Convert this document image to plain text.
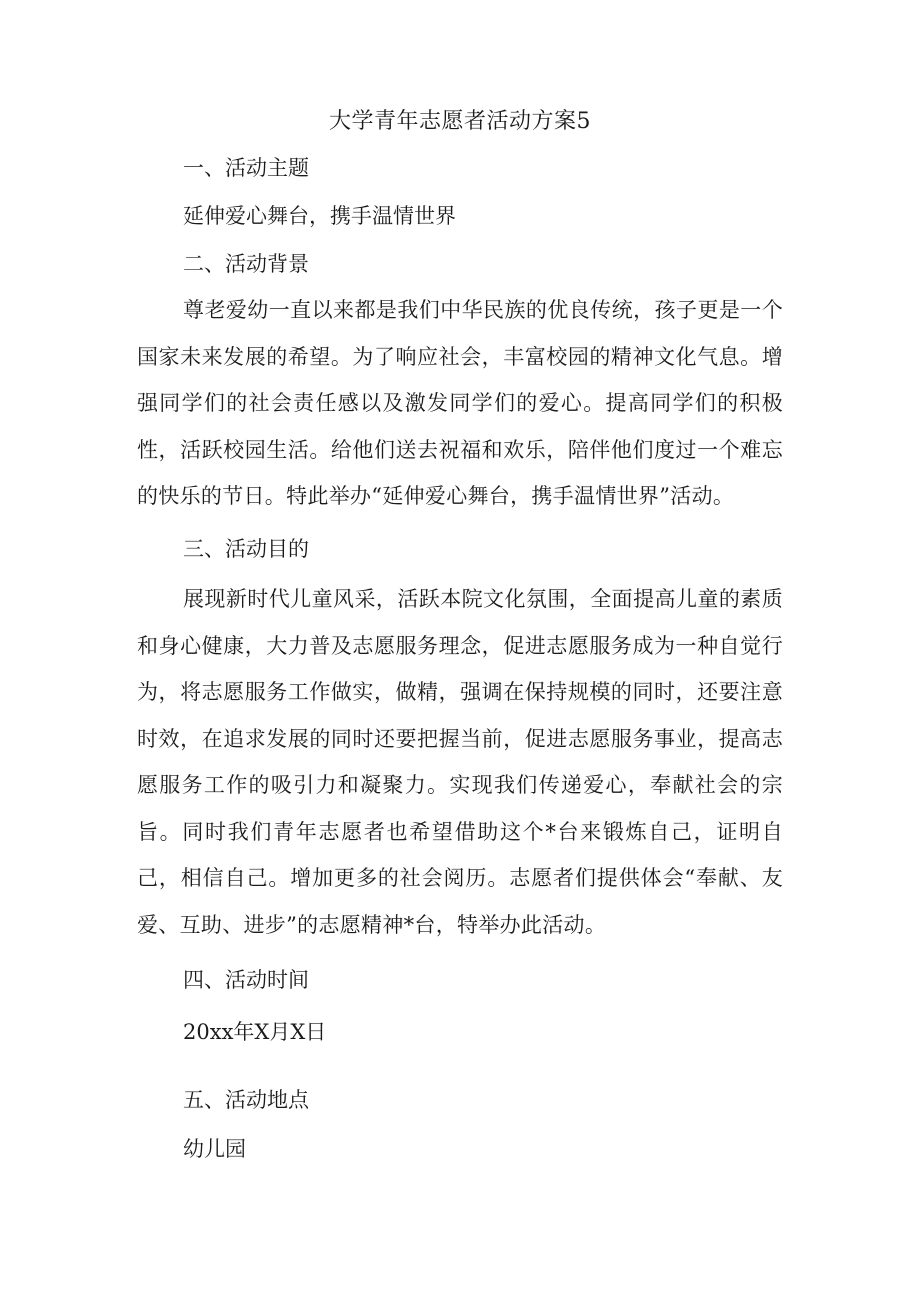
大学青年志愿者活动方案5
一、活动主题
延伸爱心舞台，携手温情世界
二、活动背景
尊老爱幼一直以来都是我们中华民族的优良传统，孩子更是一个国家未来发展的希望。为了响应社会，丰富校园的精神文化气息。增强同学们的社会责任感以及激发同学们的爱心。提高同学们的积极性，活跃校园生活。给他们送去祝福和欢乐，陪伴他们度过一个难忘的快乐的节日。特此举办“延伸爱心舞台，携手温情世界”活动。
三、活动目的
展现新时代儿童风采，活跃本院文化氛围，全面提高儿童的素质和身心健康，大力普及志愿服务理念，促进志愿服务成为一种自觉行为，将志愿服务工作做实，做精，强调在保持规模的同时，还要注意时效，在追求发展的同时还要把握当前，促进志愿服务事业，提高志愿服务工作的吸引力和凝聚力。实现我们传递爱心，奉献社会的宗旨。同时我们青年志愿者也希望借助这个*台来锻炼自己，证明自己，相信自己。增加更多的社会阅历。志愿者们提供体会“奉献、友爱、互助、进步”的志愿精神*台，特举办此活动。
四、活动时间
20xx年X月X日
五、活动地点
幼儿园
